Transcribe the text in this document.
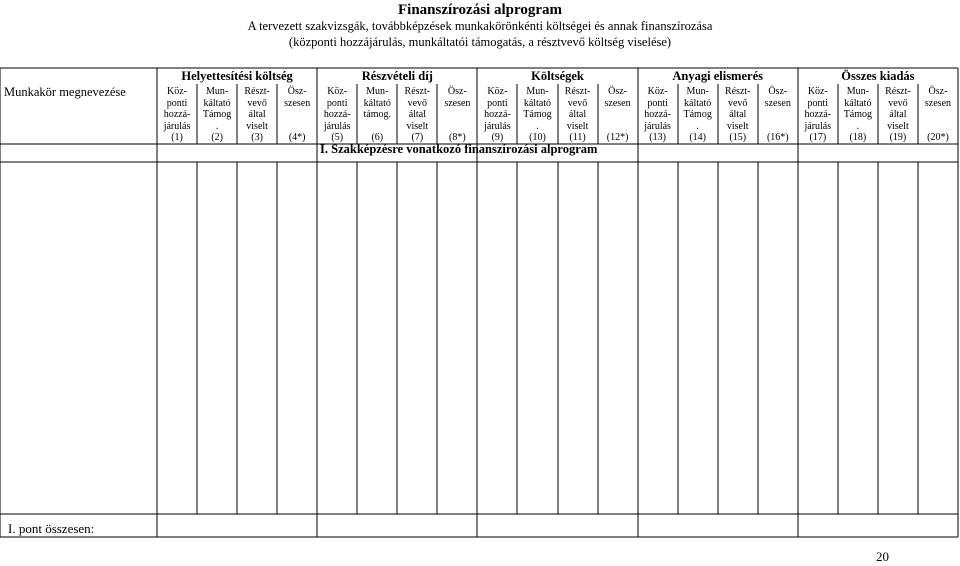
Finanszírozási alprogram
A tervezett szakvizsgák, továbbképzések munkakörönkénti költségei és annak finanszírozása
(központi hozzájárulás, munkáltatói támogatás, a résztvevő költség viselése)
Munkakör megnevezése
Helyettesítési költség
Köz-
ponti
hozzá-
járulás
(1)
Mun-
káltató
Támog
.
(2)
Részt-
vevő
által
viselt
(3)
Ösz-
szesen
(4*)
Részvételi díj
Köz-
ponti
hozzá-
járulás
(5)
Mun-
káltató
támog.
(6)
Részt-
vevő
által
viselt
(7)
Ösz-
szesen
(8*)
Költségek
Köz-
ponti
hozzá-
járulás
(9)
Mun-
káltató
Támog
.
(10)
Részt-
vevő
által
viselt
(11)
Ösz-
szesen
(12*)
Anyagi elismerés
Köz-
ponti
hozzá-
járulás
(13)
Mun-
káltató
Támog
.
(14)
Részt-
vevő
által
viselt
(15)
Ösz-
szesen
(16*)
Összes kiadás
Köz-
ponti
hozzá-
járulás
(17)
Mun-
káltató
Támog
.
(18)
Részt-
vevő
által
viselt
(19)
Ösz-
szesen
(20*)
I. Szakképzésre vonatkozó finanszírozási alprogram
I. pont összesen:
20
